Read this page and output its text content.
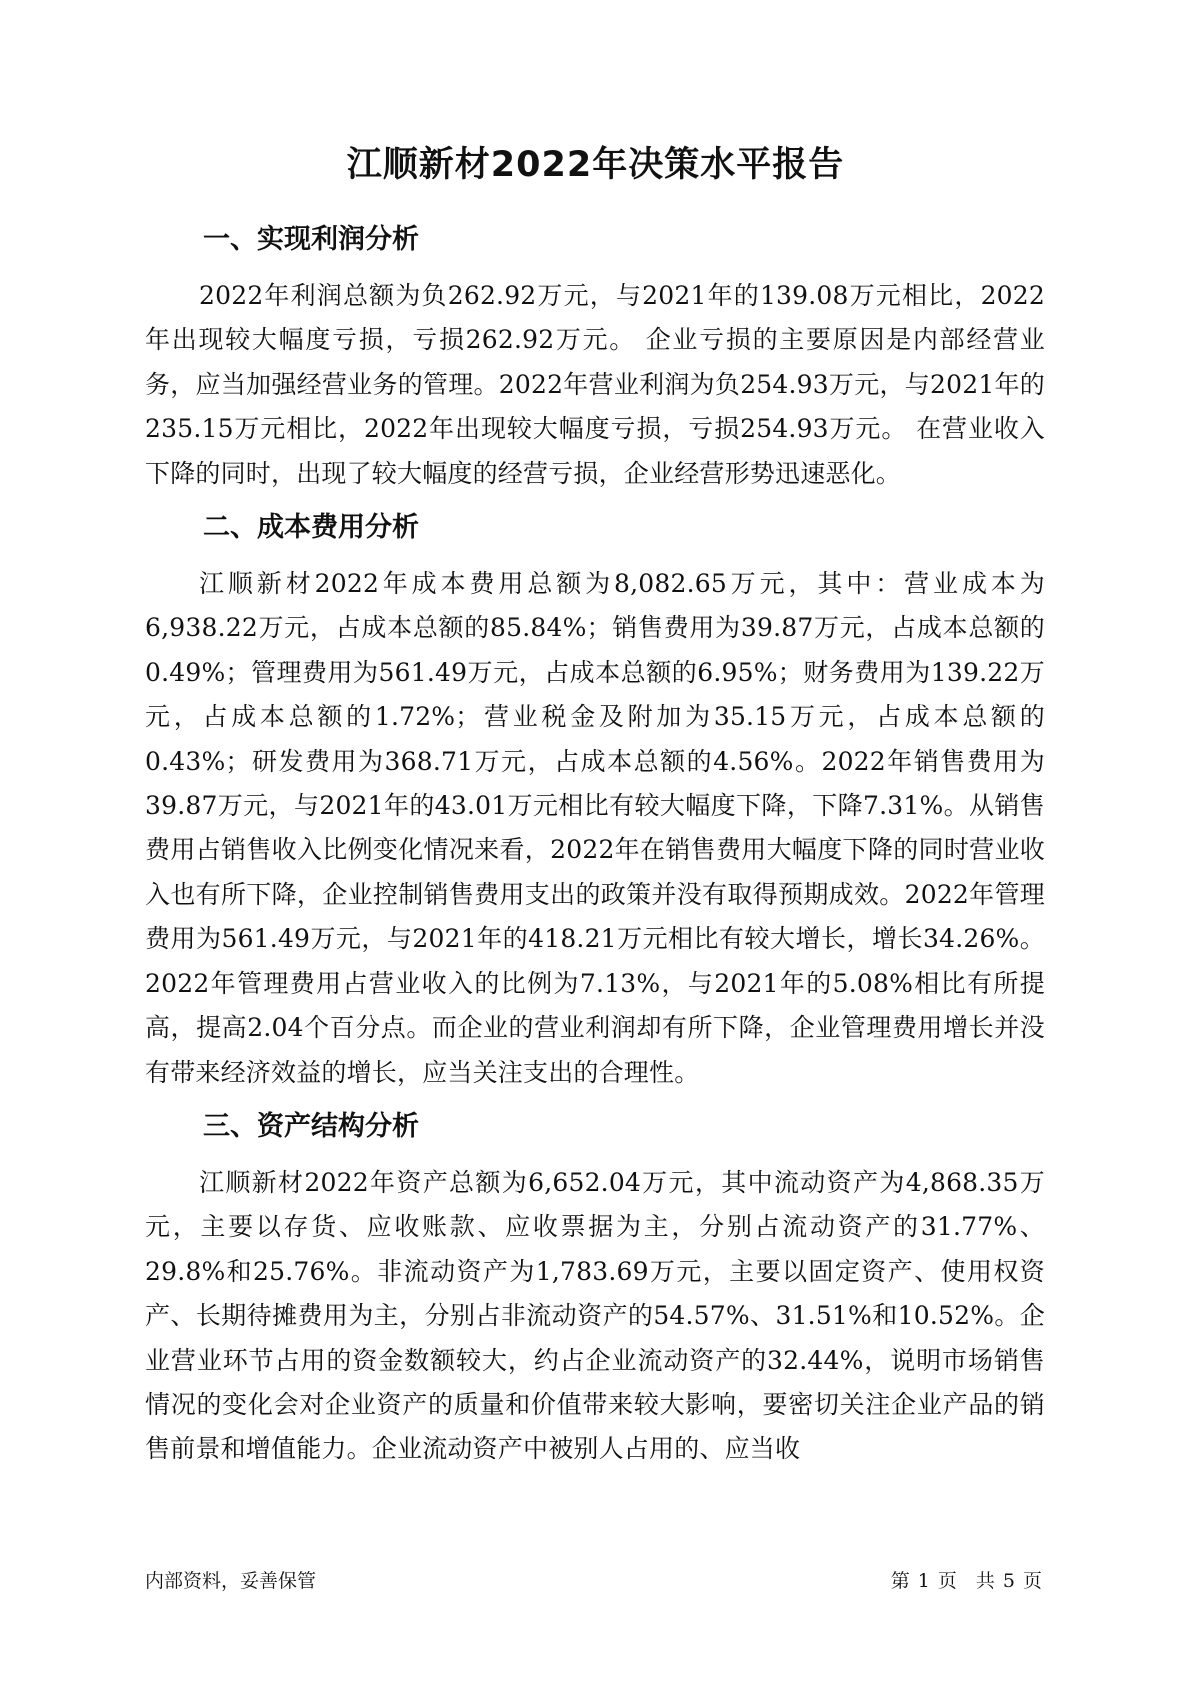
江顺新材2022年决策水平报告
一、实现利润分析

2022年利润总额为负262.92万元，与2021年的139.08万元相比，2022年出现较大幅度亏损，亏损262.92万元。 企业亏损的主要原因是内部经营业务，应当加强经营业务的管理。2022年营业利润为负254.93万元，与2021年的235.15万元相比，2022年出现较大幅度亏损，亏损254.93万元。 在营业收入下降的同时，出现了较大幅度的经营亏损，企业经营形势迅速恶化。

二、成本费用分析

江顺新材2022年成本费用总额为8,082.65万元，其中：营业成本为6,938.22万元，占成本总额的85.84%；销售费用为39.87万元，占成本总额的0.49%；管理费用为561.49万元，占成本总额的6.95%；财务费用为139.22万元，占成本总额的1.72%；营业税金及附加为35.15万元，占成本总额的0.43%；研发费用为368.71万元，占成本总额的4.56%。2022年销售费用为39.87万元，与2021年的43.01万元相比有较大幅度下降，下降7.31%。从销售费用占销售收入比例变化情况来看，2022年在销售费用大幅度下降的同时营业收入也有所下降，企业控制销售费用支出的政策并没有取得预期成效。2022年管理费用为561.49万元，与2021年的418.21万元相比有较大增长，增长34.26%。2022年管理费用占营业收入的比例为7.13%，与2021年的5.08%相比有所提高，提高2.04个百分点。而企业的营业利润却有所下降，企业管理费用增长并没有带来经济效益的增长，应当关注支出的合理性。

三、资产结构分析

江顺新材2022年资产总额为6,652.04万元，其中流动资产为4,868.35万元，主要以存货、应收账款、应收票据为主，分别占流动资产的31.77%、29.8%和25.76%。非流动资产为1,783.69万元，主要以固定资产、使用权资产、长期待摊费用为主，分别占非流动资产的54.57%、31.51%和10.52%。企业营业环节占用的资金数额较大，约占企业流动资产的32.44%，说明市场销售情况的变化会对企业资产的质量和价值带来较大影响，要密切关注企业产品的销售前景和增值能力。企业流动资产中被别人占用的、应当收

内部资料，妥善保管	第 1 页　共 5 页
